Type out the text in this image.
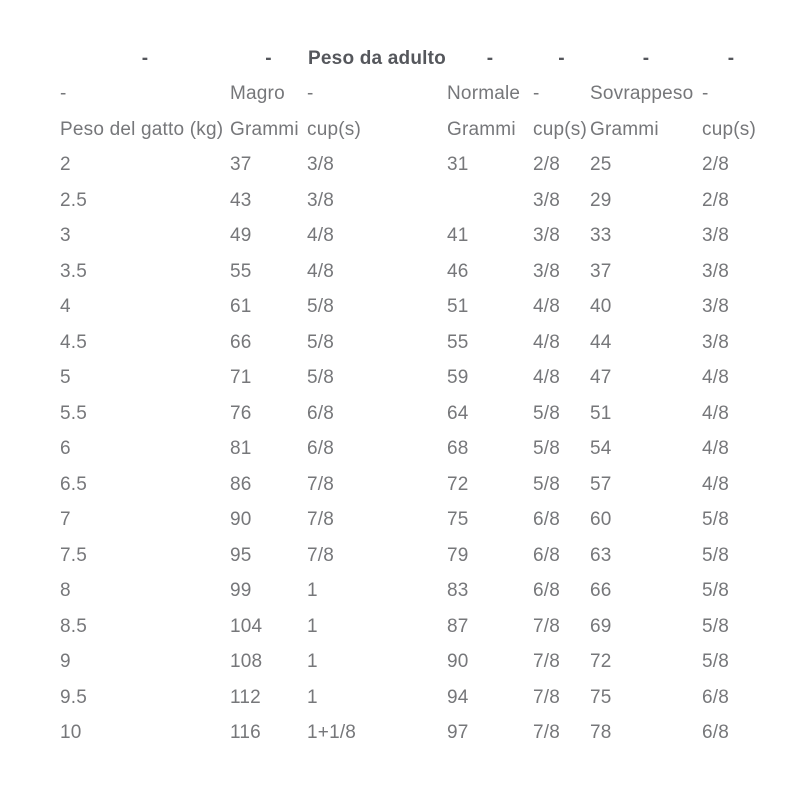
-	-	Peso da adulto	-	-	-	-
-	Magro	-	Normale	-	Sovrappeso	-
Peso del gatto (kg)	Grammi	cup(s)	Grammi	cup(s)	Grammi	cup(s)
2	37	3/8	31	2/8	25	2/8
2.5	43	3/8		3/8	29	2/8
3	49	4/8	41	3/8	33	3/8
3.5	55	4/8	46	3/8	37	3/8
4	61	5/8	51	4/8	40	3/8
4.5	66	5/8	55	4/8	44	3/8
5	71	5/8	59	4/8	47	4/8
5.5	76	6/8	64	5/8	51	4/8
6	81	6/8	68	5/8	54	4/8
6.5	86	7/8	72	5/8	57	4/8
7	90	7/8	75	6/8	60	5/8
7.5	95	7/8	79	6/8	63	5/8
8	99	1	83	6/8	66	5/8
8.5	104	1	87	7/8	69	5/8
9	108	1	90	7/8	72	5/8
9.5	112	1	94	7/8	75	6/8
10	116	1+1/8	97	7/8	78	6/8
